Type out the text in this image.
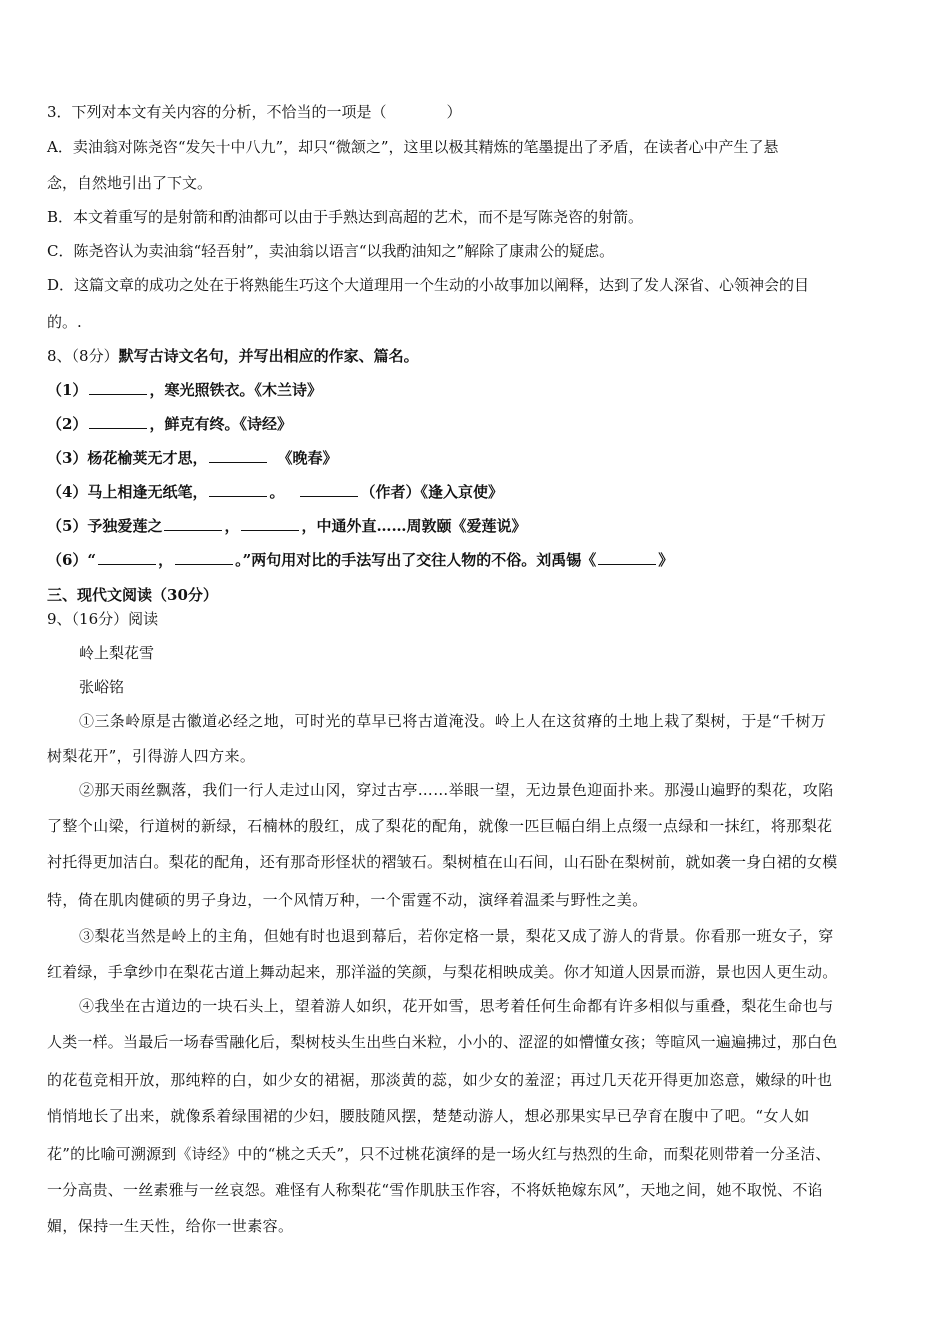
3．下列对本文有关内容的分析，不恰当的一项是（　　　　）
A．卖油翁对陈尧咨“发矢十中八九”，却只“微颔之”，这里以极其精炼的笔墨提出了矛盾，在读者心中产生了悬
念，自然地引出了下文。
B．本文着重写的是射箭和酌油都可以由于手熟达到高超的艺术，而不是写陈尧咨的射箭。
C．陈尧咨认为卖油翁“轻吾射”，卖油翁以语言“以我酌油知之”解除了康肃公的疑虑。
D．这篇文章的成功之处在于将熟能生巧这个大道理用一个生动的小故事加以阐释，达到了发人深省、心领神会的目
的。.
8、（8分）默写古诗文名句，并写出相应的作家、篇名。
（1）	，寒光照铁衣。《木兰诗》
（2）	，鲜克有终。《诗经》
（3）杨花榆荚无才思，	《晚春》
（4）马上相逢无纸笔，	。	（作者）《逢入京使》
（5）予独爱莲之	，	，中通外直……周敦颐《爱莲说》
（6）“	，	。”两句用对比的手法写出了交往人物的不俗。刘禹锡《	》
三、现代文阅读（30分）
9、（16分）阅读
岭上梨花雪
张峪铭
①三条岭原是古徽道必经之地，可时光的草早已将古道淹没。岭上人在这贫瘠的土地上栽了梨树，于是“千树万
树梨花开”，引得游人四方来。
②那天雨丝飘落，我们一行人走过山冈，穿过古亭……举眼一望，无边景色迎面扑来。那漫山遍野的梨花，攻陷
了整个山梁，行道树的新绿，石楠林的殷红，成了梨花的配角，就像一匹巨幅白绢上点缀一点绿和一抹红，将那梨花
衬托得更加洁白。梨花的配角，还有那奇形怪状的褶皱石。梨树植在山石间，山石卧在梨树前，就如袭一身白裙的女模
特，倚在肌肉健硕的男子身边，一个风情万种，一个雷霆不动，演绎着温柔与野性之美。
③梨花当然是岭上的主角，但她有时也退到幕后，若你定格一景，梨花又成了游人的背景。你看那一班女子，穿
红着绿，手拿纱巾在梨花古道上舞动起来，那洋溢的笑颜，与梨花相映成美。你才知道人因景而游，景也因人更生动。
④我坐在古道边的一块石头上，望着游人如织，花开如雪，思考着任何生命都有许多相似与重叠，梨花生命也与
人类一样。当最后一场春雪融化后，梨树枝头生出些白米粒，小小的、涩涩的如懵懂女孩；等暄风一遍遍拂过，那白色
的花苞竞相开放，那纯粹的白，如少女的裙裾，那淡黄的蕊，如少女的羞涩；再过几天花开得更加恣意，嫩绿的叶也
悄悄地长了出来，就像系着绿围裙的少妇，腰肢随风摆，楚楚动游人，想必那果实早已孕育在腹中了吧。“女人如
花”的比喻可溯源到《诗经》中的“桃之夭夭”，只不过桃花演绎的是一场火红与热烈的生命，而梨花则带着一分圣洁、
一分高贵、一丝素雅与一丝哀怨。难怪有人称梨花“雪作肌肤玉作容，不将妖艳嫁东风”，天地之间，她不取悦、不谄
媚，保持一生天性，给你一世素容。
